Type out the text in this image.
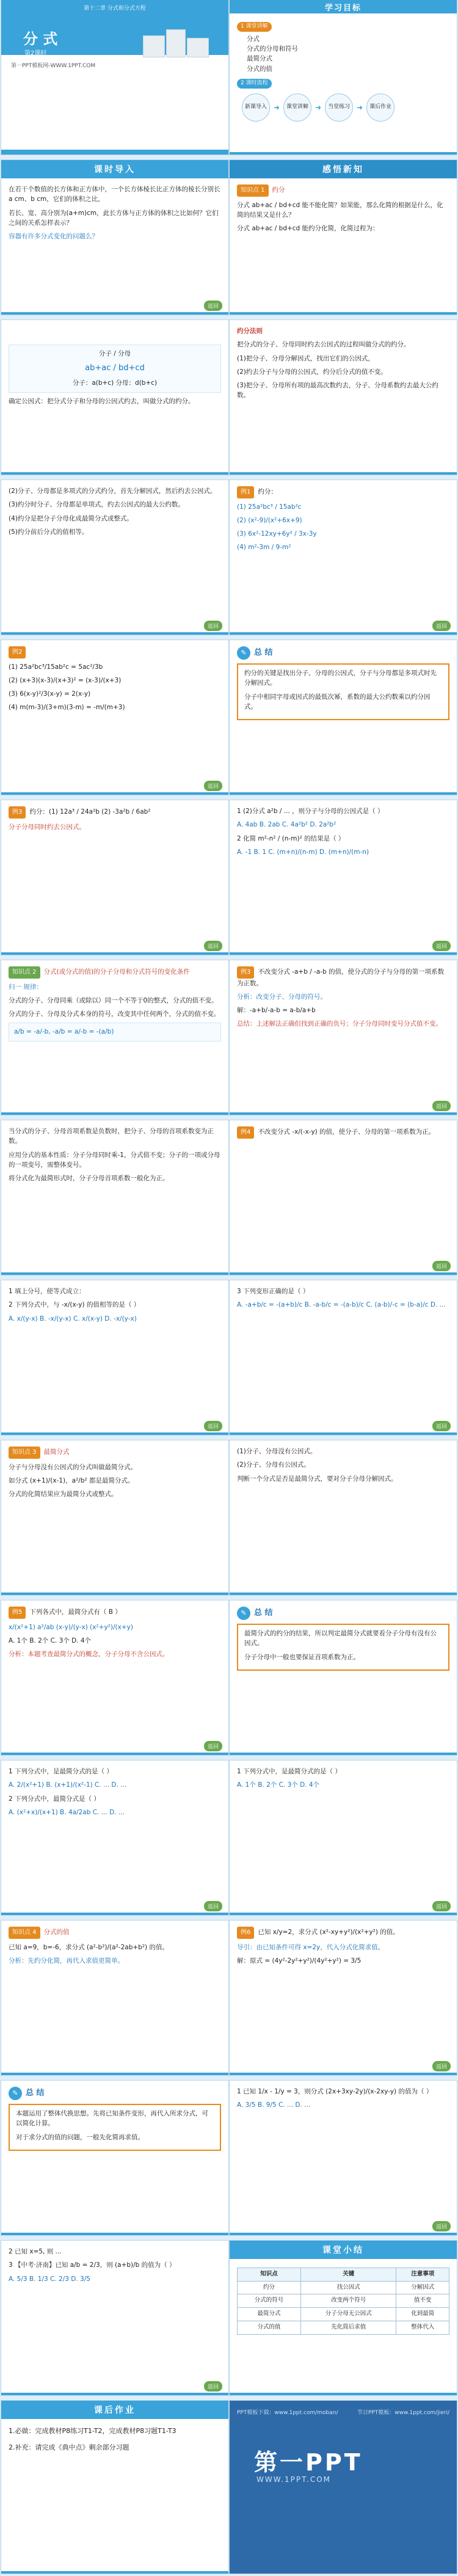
第十二章 分式和分式方程
分 式
第2课时
第一PPT模板网-WWW.1PPT.COM
学习目标
1 课堂讲解
分式
分式的分母和符号
最简分式
分式的值
2 课时流程
新课导入 ➜	课堂讲解 ➜	当堂练习 ➜	课后作业
课时导入

在若干个数值的长方体和正方体中，一个长方体棱长比正方体的棱长分别长a cm、b cm，它们的体积之比，

若长、宽、高分别为(a+m)cm，此长方体与正方体的体积之比如何？它们之间的关系怎样表示？

容器有许多分式变化的问题么？

返回
感悟新知

知识点 1 约分

分式 ab+ac / bd+cd 能不能化简？如果能，那么化简的根据是什么，化简的结果又是什么？

分式 ab+ac / bd+cd 能约分化简，化简过程为：

分子 / 分母
ab+ac / bd+cd
分子：a(b+c) 分母：d(b+c)

确定公因式：把分式分子和分母的公因式约去，叫做分式的约分。

约分法则

把分式的分子、分母同时约去公因式的过程叫做分式的约分。

(1)把分子、分母分解因式，找出它们的公因式，

(2)约去分子与分母的公因式，约分后分式的值不变。

(3)把分子、分母所有项的最高次数约去，分子、分母系数约去最大公约数。

(2)分子、分母都是多项式的分式约分，首先分解因式，然后约去公因式。

(3)约分时分子、分母都是单项式，约去公因式的最大公约数。

(4)约分是把分子分母化成最简分式或整式。

(5)约分前后分式的值相等。

返回

例1 约分：

(1) 25a²bc³ / 15ab²c

(2) (x²-9)/(x²+6x+9)

(3) 6x²-12xy+6y² / 3x-3y

(4) m²-3m / 9-m²

返回

例2

(1) 25a²bc³/15ab²c = 5ac²/3b

(2) (x+3)(x-3)/(x+3)² = (x-3)/(x+3)

(3) 6(x-y)²/3(x-y) = 2(x-y)

(4) m(m-3)/(3+m)(3-m) = -m/(m+3)

返回
✎ 总 结

约分的关键是找出分子、分母的公因式，分子与分母都是多项式时先分解因式。

分子中相同字母或因式的最低次幂，系数的最大公约数乘以约分因式。

例3 约分：(1) 12a³ / 24a²b (2) -3a²b / 6ab²

分子分母同时约去公因式。

返回

1 (2)分式 a²b / ... ，则分子与分母的公因式是（ ）

A. 4ab B. 2ab C. 4a²b² D. 2a²b²

2 化简 m²-n² / (n-m)² 的结果是（ ）

A. -1 B. 1 C. (m+n)/(n-m) D. (m+n)/(m-n)

返回

知识点 2 分式(或分式的值)的分子分母和分式符号的变化条件

归一 规律：

分式的分子、分母同乘（或除以）同一个不等于0的整式，分式的值不变。

分式的分子、分母及分式本身的符号，改变其中任何两个，分式的值不变。

a/b = -a/-b, -a/b = a/-b = -(a/b)

例3 不改变分式 -a+b / -a-b 的值，使分式的分子与分母的第一项系数为正数。

分析：改变分子、分母的符号。

解：-a+b/-a-b = a-b/a+b

总结：上述解法正确但找到正确的负号；分子分母同时变号分式值不变。

返回

当分式的分子、分母首项系数是负数时，把分子、分母的首项系数变为正数。

应用分式的基本性质：分子分母同时乘-1，分式值不变；分子的一项或分母的一项变号，需整体变号。

将分式化为最简形式时，分子分母首项系数一般化为正。

例4 不改变分式 -x/(-x-y) 的值，使分子、分母的第一项系数为正。

返回

1 填上分号，使等式成立：

2 下列分式中，与 -x/(x-y) 的值相等的是（ ）

A. x/(y-x) B. -x/(y-x) C. x/(x-y) D. -x/(y-x)

返回

3 下列变形正确的是（ ）

A. -a+b/c = -(a+b)/c B. -a-b/c = -(a-b)/c C. (a-b)/-c = (b-a)/c D. ...

返回

知识点 3 最简分式

分子与分母没有公因式的分式叫做最简分式。

如分式 (x+1)/(x-1)，a²/b² 都是最简分式。

分式的化简结果应为最简分式或整式。

(1)分子、分母没有公因式。

(2)分子、分母有公因式。

判断一个分式是否是最简分式，要对分子分母分解因式。

例5 下列各式中，最简分式有（ B ）

x/(x²+1) a²/ab (x-y)/(y-x) (x²+y²)/(x+y)

A. 1个 B. 2个 C. 3个 D. 4个

分析：本题考查最简分式的概念，分子分母不含公因式。

返回
✎ 总 结

最简分式的约分的结果，所以判定最简分式就要看分子分母有没有公因式。

分子分母中一般也要保证首项系数为正。

1 下列分式中，是最简分式的是（ ）

A. 2/(x²+1) B. (x+1)/(x²-1) C. ... D. ...

2 下列分式中，最简分式是（ ）

A. (x²+x)/(x+1) B. 4a/2ab C. ... D. ...

返回

1 下列分式中，是最简分式的是（ ）

A. 1个 B. 2个 C. 3个 D. 4个

返回

知识点 4 分式的值

已知 a=9，b=-6，求分式 (a²-b²)/(a²-2ab+b²) 的值。

分析：先约分化简，再代入求值更简单。

例6 已知 x/y=2，求分式 (x²-xy+y²)/(x²+y²) 的值。

导引：由已知条件可得 x=2y，代入分式化简求值。

解：原式 = (4y²-2y²+y²)/(4y²+y²) = 3/5

返回
✎ 总 结

本题运用了整体代换思想。先将已知条件变形，再代入所求分式，可以简化计算。

对于求分式的值的问题，一般先化简再求值。

1 已知 1/x - 1/y = 3，则分式 (2x+3xy-2y)/(x-2xy-y) 的值为（ ）

A. 3/5 B. 9/5 C. ... D. ...

返回

2 已知 x=5, 则 ...

3 【中考·济南】已知 a/b = 2/3，则 (a+b)/b 的值为（ ）

A. 5/3 B. 1/3 C. 2/3 D. 3/5

返回
课堂小结
知识点	关键	注意事项
约分	找公因式	分解因式
分式的符号	改变两个符号	值不变
最简分式	分子分母无公因式	化到最简
分式的值	先化简后求值	整体代入
课后作业

1.必做：完成教材P8练习T1-T2，完成教材P8习题T1-T3

2.补充：请完成《典中点》剩余部分习题

PPT模板下载：www.1ppt.com/moban/	节日PPT模板：www.1ppt.com/jieri/
第一PPT
WWW.1PPT.COM
